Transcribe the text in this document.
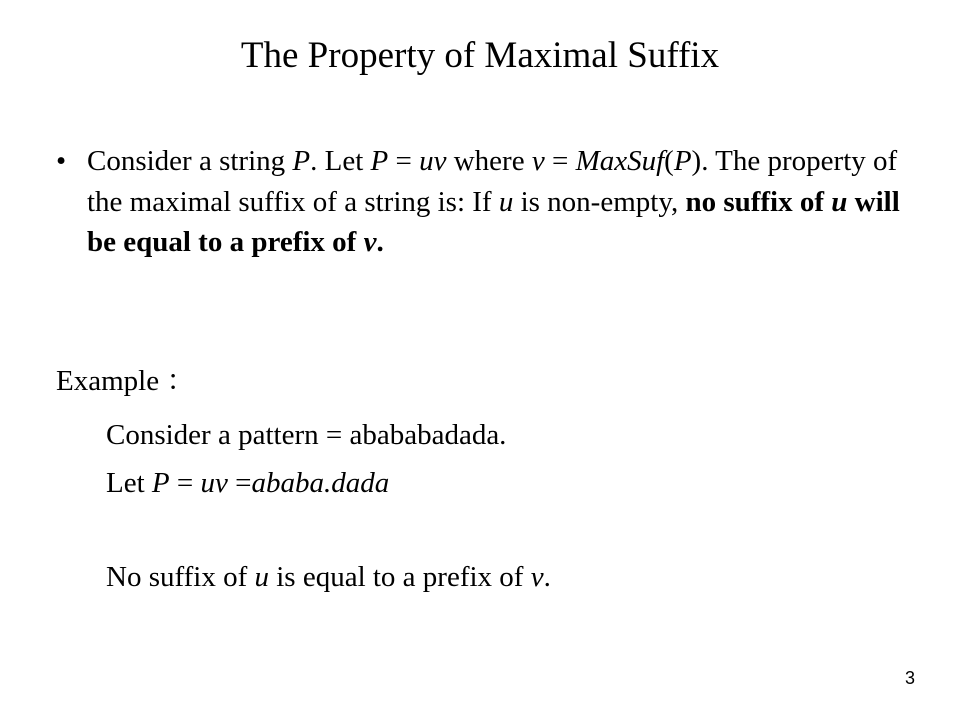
The Property of Maximal Suffix
• Consider a string P. Let P = uv where v = MaxSuf(P). The property of the maximal suffix of a string is: If u is non-empty, no suffix of u will be equal to a prefix of v.
Example ：
Consider a pattern = abababadada.
Let P = uv =ababa.dada
No suffix of u is equal to a prefix of v.
3
